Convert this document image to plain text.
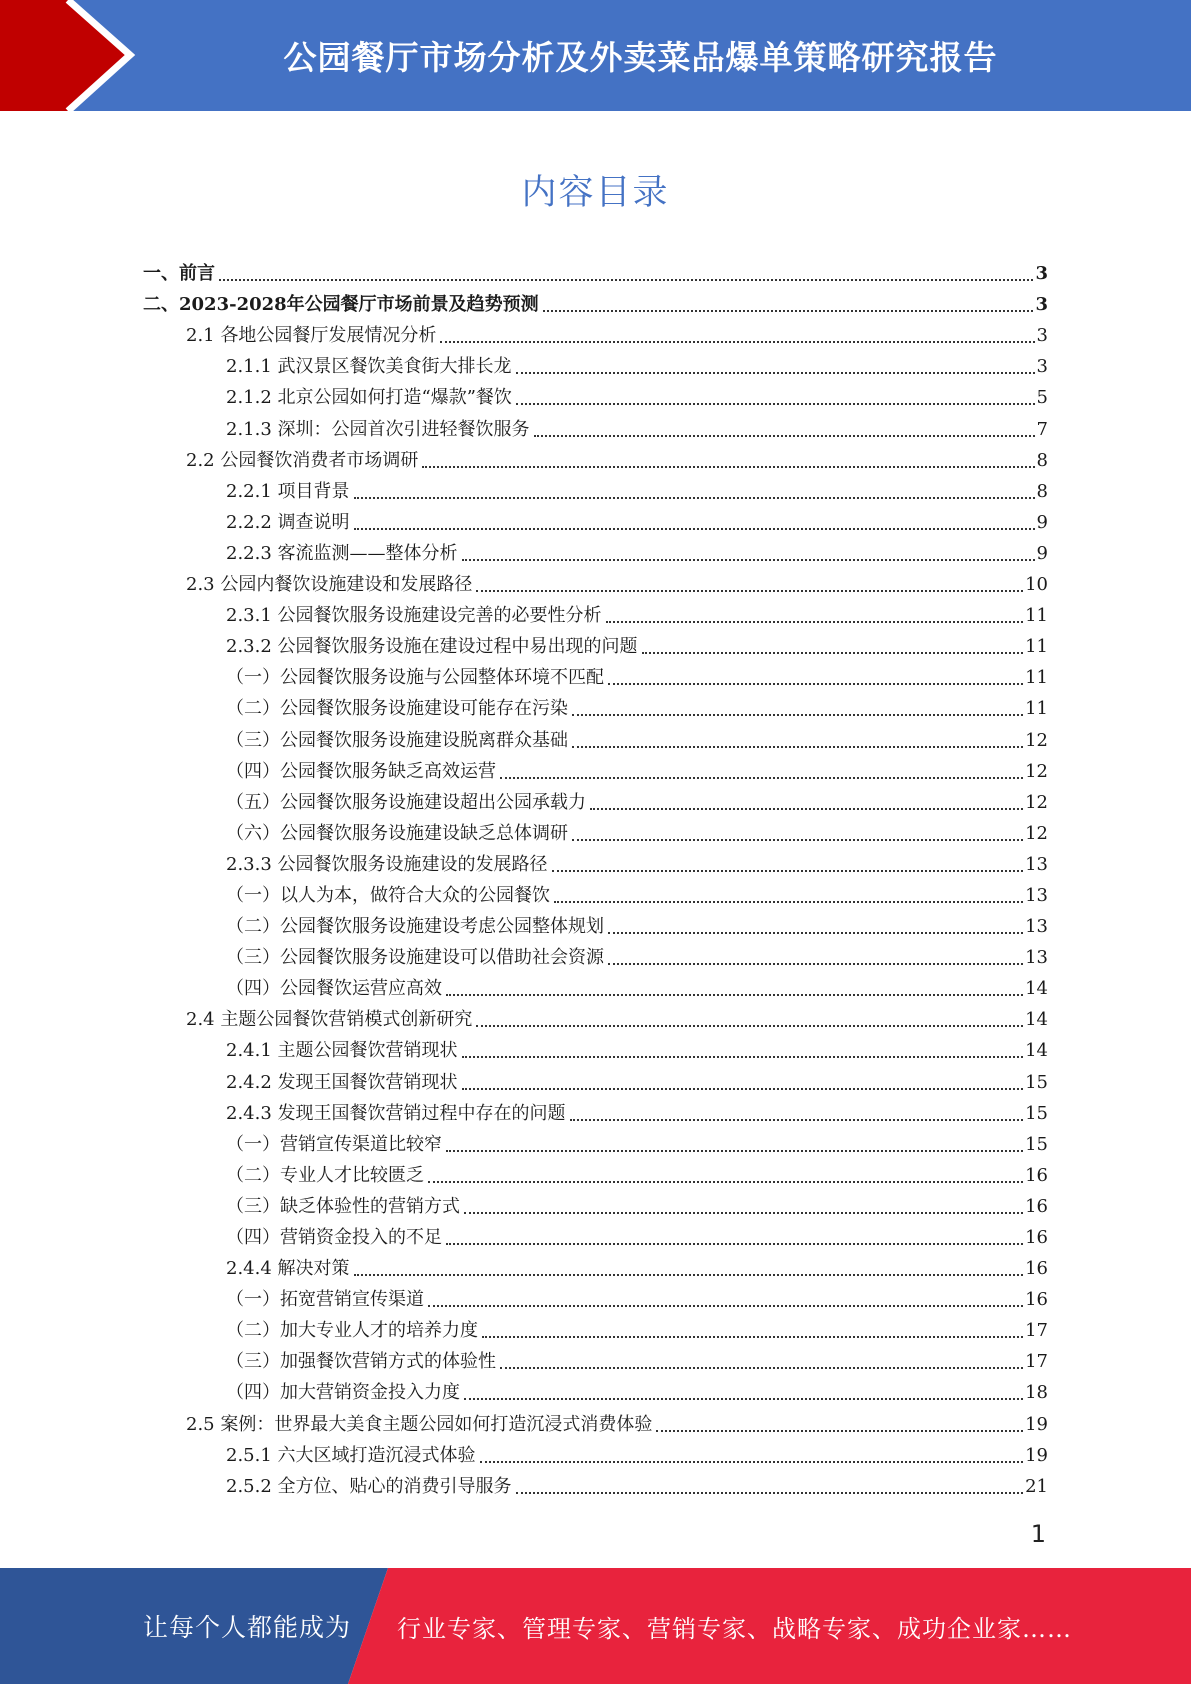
公园餐厅市场分析及外卖菜品爆单策略研究报告
内容目录
一、前言	3
二、2023-2028年公园餐厅市场前景及趋势预测	3
2.1 各地公园餐厅发展情况分析	3
2.1.1 武汉景区餐饮美食街大排长龙	3
2.1.2 北京公园如何打造“爆款”餐饮	5
2.1.3 深圳：公园首次引进轻餐饮服务	7
2.2 公园餐饮消费者市场调研	8
2.2.1 项目背景	8
2.2.2 调查说明	9
2.2.3 客流监测——整体分析	9
2.3 公园内餐饮设施建设和发展路径	10
2.3.1 公园餐饮服务设施建设完善的必要性分析	11
2.3.2 公园餐饮服务设施在建设过程中易出现的问题	11
（一）公园餐饮服务设施与公园整体环境不匹配	11
（二）公园餐饮服务设施建设可能存在污染	11
（三）公园餐饮服务设施建设脱离群众基础	12
（四）公园餐饮服务缺乏高效运营	12
（五）公园餐饮服务设施建设超出公园承载力	12
（六）公园餐饮服务设施建设缺乏总体调研	12
2.3.3 公园餐饮服务设施建设的发展路径	13
（一）以人为本，做符合大众的公园餐饮	13
（二）公园餐饮服务设施建设考虑公园整体规划	13
（三）公园餐饮服务设施建设可以借助社会资源	13
（四）公园餐饮运营应高效	14
2.4 主题公园餐饮营销模式创新研究	14
2.4.1 主题公园餐饮营销现状	14
2.4.2 发现王国餐饮营销现状	15
2.4.3 发现王国餐饮营销过程中存在的问题	15
（一）营销宣传渠道比较窄	15
（二）专业人才比较匮乏	16
（三）缺乏体验性的营销方式	16
（四）营销资金投入的不足	16
2.4.4 解决对策	16
（一）拓宽营销宣传渠道	16
（二）加大专业人才的培养力度	17
（三）加强餐饮营销方式的体验性	17
（四）加大营销资金投入力度	18
2.5 案例：世界最大美食主题公园如何打造沉浸式消费体验	19
2.5.1 六大区域打造沉浸式体验	19
2.5.2 全方位、贴心的消费引导服务	21
1
让每个人都能成为 行业专家、管理专家、营销专家、战略专家、成功企业家……
